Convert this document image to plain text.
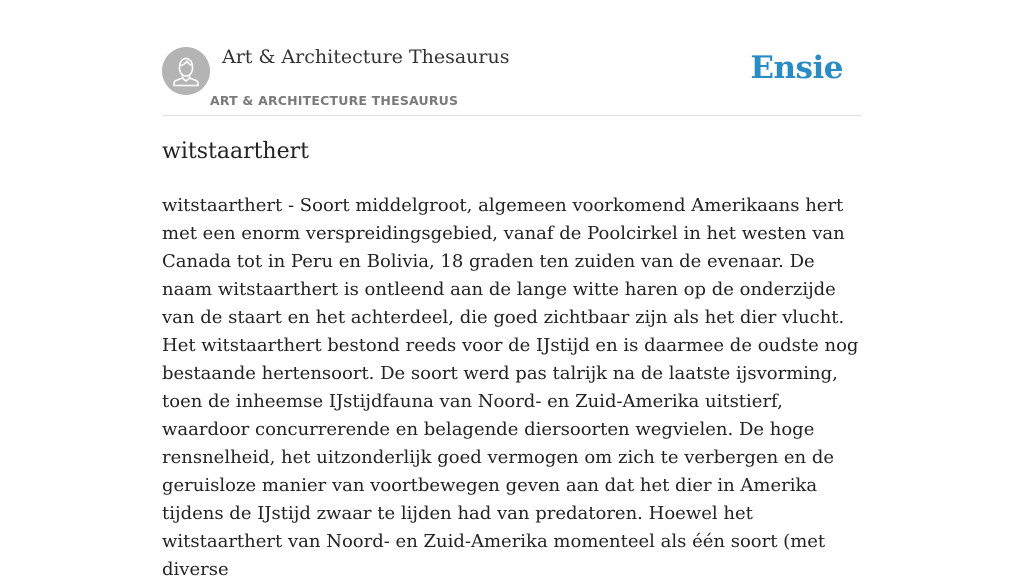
Art & Architecture Thesaurus
ART & ARCHITECTURE THESAURUS
Ensie
witstaarthert

witstaarthert - Soort middelgroot, algemeen voorkomend Amerikaans hert met een enorm verspreidingsgebied, vanaf de Poolcirkel in het westen van Canada tot in Peru en Bolivia, 18 graden ten zuiden van de evenaar. De naam witstaarthert is ontleend aan de lange witte haren op de onderzijde van de staart en het achterdeel, die goed zichtbaar zijn als het dier vlucht. Het witstaarthert bestond reeds voor de IJstijd en is daarmee de oudste nog bestaande hertensoort. De soort werd pas talrijk na de laatste ijsvorming, toen de inheemse IJstijdfauna van Noord- en Zuid-Amerika uitstierf, waardoor concurrerende en belagende diersoorten wegvielen. De hoge rensnelheid, het uitzonderlijk goed vermogen om zich te verbergen en de geruisloze manier van voortbewegen geven aan dat het dier in Amerika tijdens de IJstijd zwaar te lijden had van predatoren. Hoewel het witstaarthert van Noord- en Zuid-Amerika momenteel als één soort (met diverse
